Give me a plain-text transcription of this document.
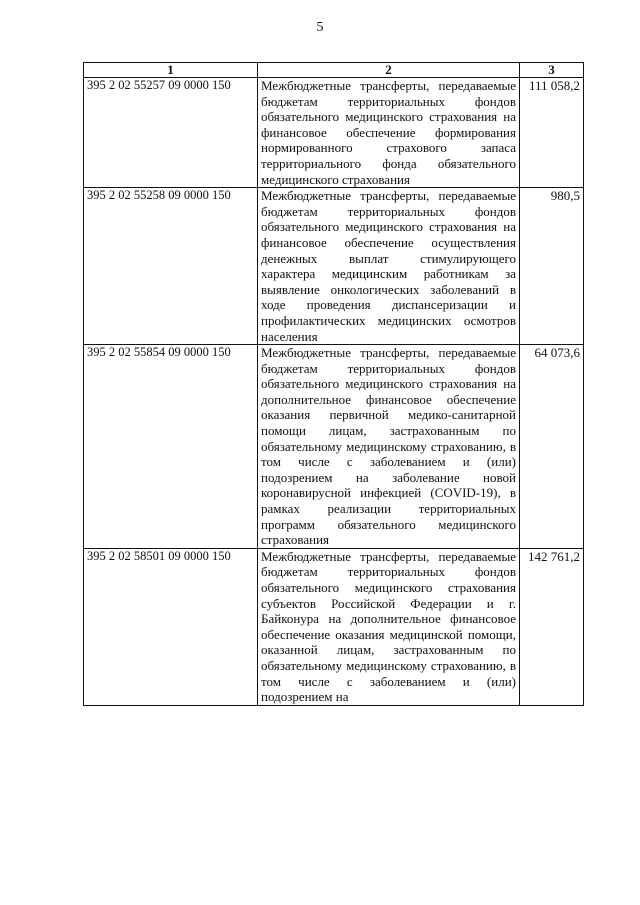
5
1	2	3
395 2 02 55257 09 0000 150	Межбюджетные трансферты, передаваемые бюджетам территориальных фондов обязательного медицинского страхования на финансовое обеспечение формирования нормированного страхового запаса территориального фонда обязательного медицинского страхования	111 058,2
395 2 02 55258 09 0000 150	Межбюджетные трансферты, передаваемые бюджетам территориальных фондов обязательного медицинского страхования на финансовое обеспечение осуществления денежных выплат стимулирующего характера медицинским работникам за выявление онкологических заболеваний в ходе проведения диспансеризации и профилактических медицинских осмотров населения	980,5
395 2 02 55854 09 0000 150	Межбюджетные трансферты, передаваемые бюджетам территориальных фондов обязательного медицинского страхования на дополнительное финансовое обеспечение оказания первичной медико-санитарной помощи лицам, застрахованным по обязательному медицинскому страхованию, в том числе с заболеванием и (или) подозрением на заболевание новой коронавирусной инфекцией (COVID-19), в рамках реализации территориальных программ обязательного медицинского страхования	64 073,6
395 2 02 58501 09 0000 150	Межбюджетные трансферты, передаваемые бюджетам территориальных фондов обязательного медицинского страхования субъектов Российской Федерации и г. Байконура на дополнительное финансовое обеспечение оказания медицинской помощи, оказанной лицам, застрахованным по обязательному медицинскому страхованию, в том числе с заболеванием и (или) подозрением на	142 761,2
